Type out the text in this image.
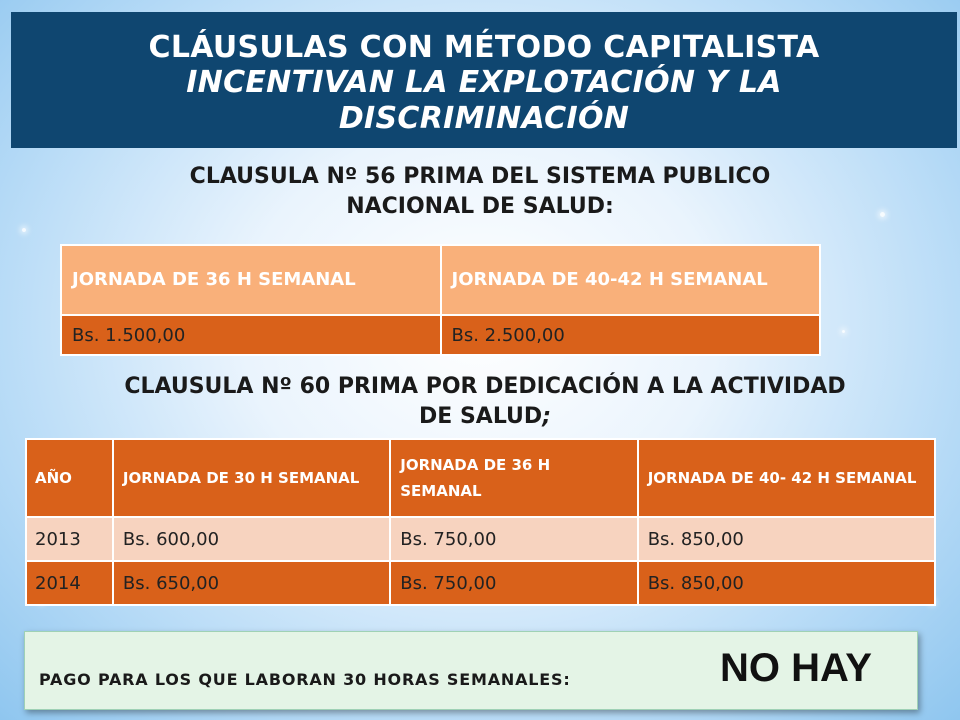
CLÁUSULAS CON MÉTODO CAPITALISTA
INCENTIVAN LA EXPLOTACIÓN Y LA
DISCRIMINACIÓN
CLAUSULA Nº 56 PRIMA DEL SISTEMA PUBLICO
NACIONAL DE SALUD:
JORNADA DE 36 H SEMANAL	JORNADA DE 40-42 H SEMANAL
Bs. 1.500,00	Bs. 2.500,00
CLAUSULA Nº 60 PRIMA POR DEDICACIÓN A LA ACTIVIDAD
DE SALUD;
AÑO	JORNADA DE 30 H SEMANAL	JORNADA DE 36 H SEMANAL	JORNADA DE 40- 42 H SEMANAL
2013	Bs. 600,00	Bs. 750,00	Bs. 850,00
2014	Bs. 650,00	Bs. 750,00	Bs. 850,00
PAGO PARA LOS QUE LABORAN 30 HORAS SEMANALES:	NO HAY
